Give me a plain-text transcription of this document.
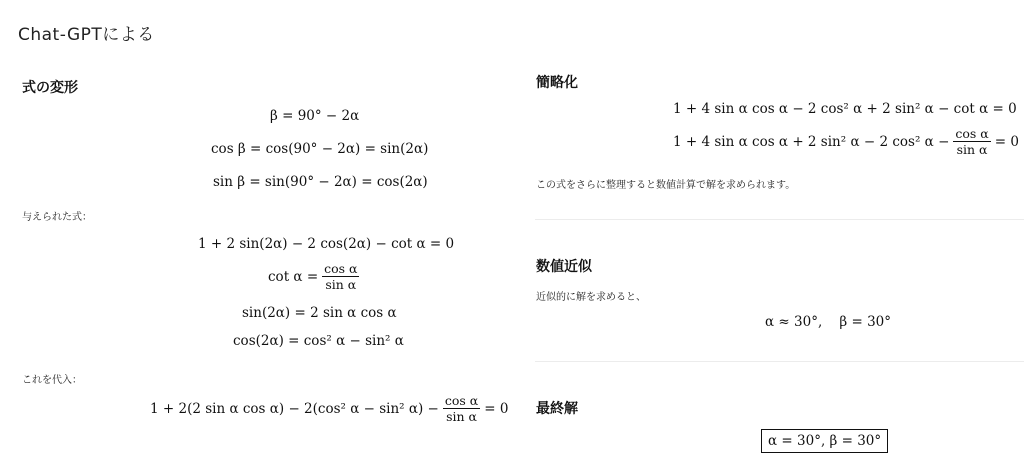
Chat-GPTによる
式の変形
β = 90° − 2α
cos β = cos(90° − 2α) = sin(2α)
sin β = sin(90° − 2α) = cos(2α)
与えられた式：
1 + 2 sin(2α) − 2 cos(2α) − cot α = 0
$\cot \alpha = \frac{\text{cos α}}{\text{sin α}}$
sin(2α) = 2 sin α cos α
cos(2α) = cos² α − sin² α
これを代入：
1 + 2(2 sin α cos α) − 2(cos² α − sin² $\alpha) - \frac{\text{cos α}}{\text{sin α}} = 0$
簡略化
1 + 4 sin α cos α − 2 cos² α + 2 sin² α − cot α = 0
1 + 4 sin α cos α + 2 sin² α − 2 cos² $\alpha - \frac{\text{cos α}}{\text{sin α}} = 0$
この式をさらに整理すると数値計算で解を求められます。
数値近似
近似的に解を求めると、
α ≈ 30°,    β = 30°
最終解
α = 30°, β = 30°
